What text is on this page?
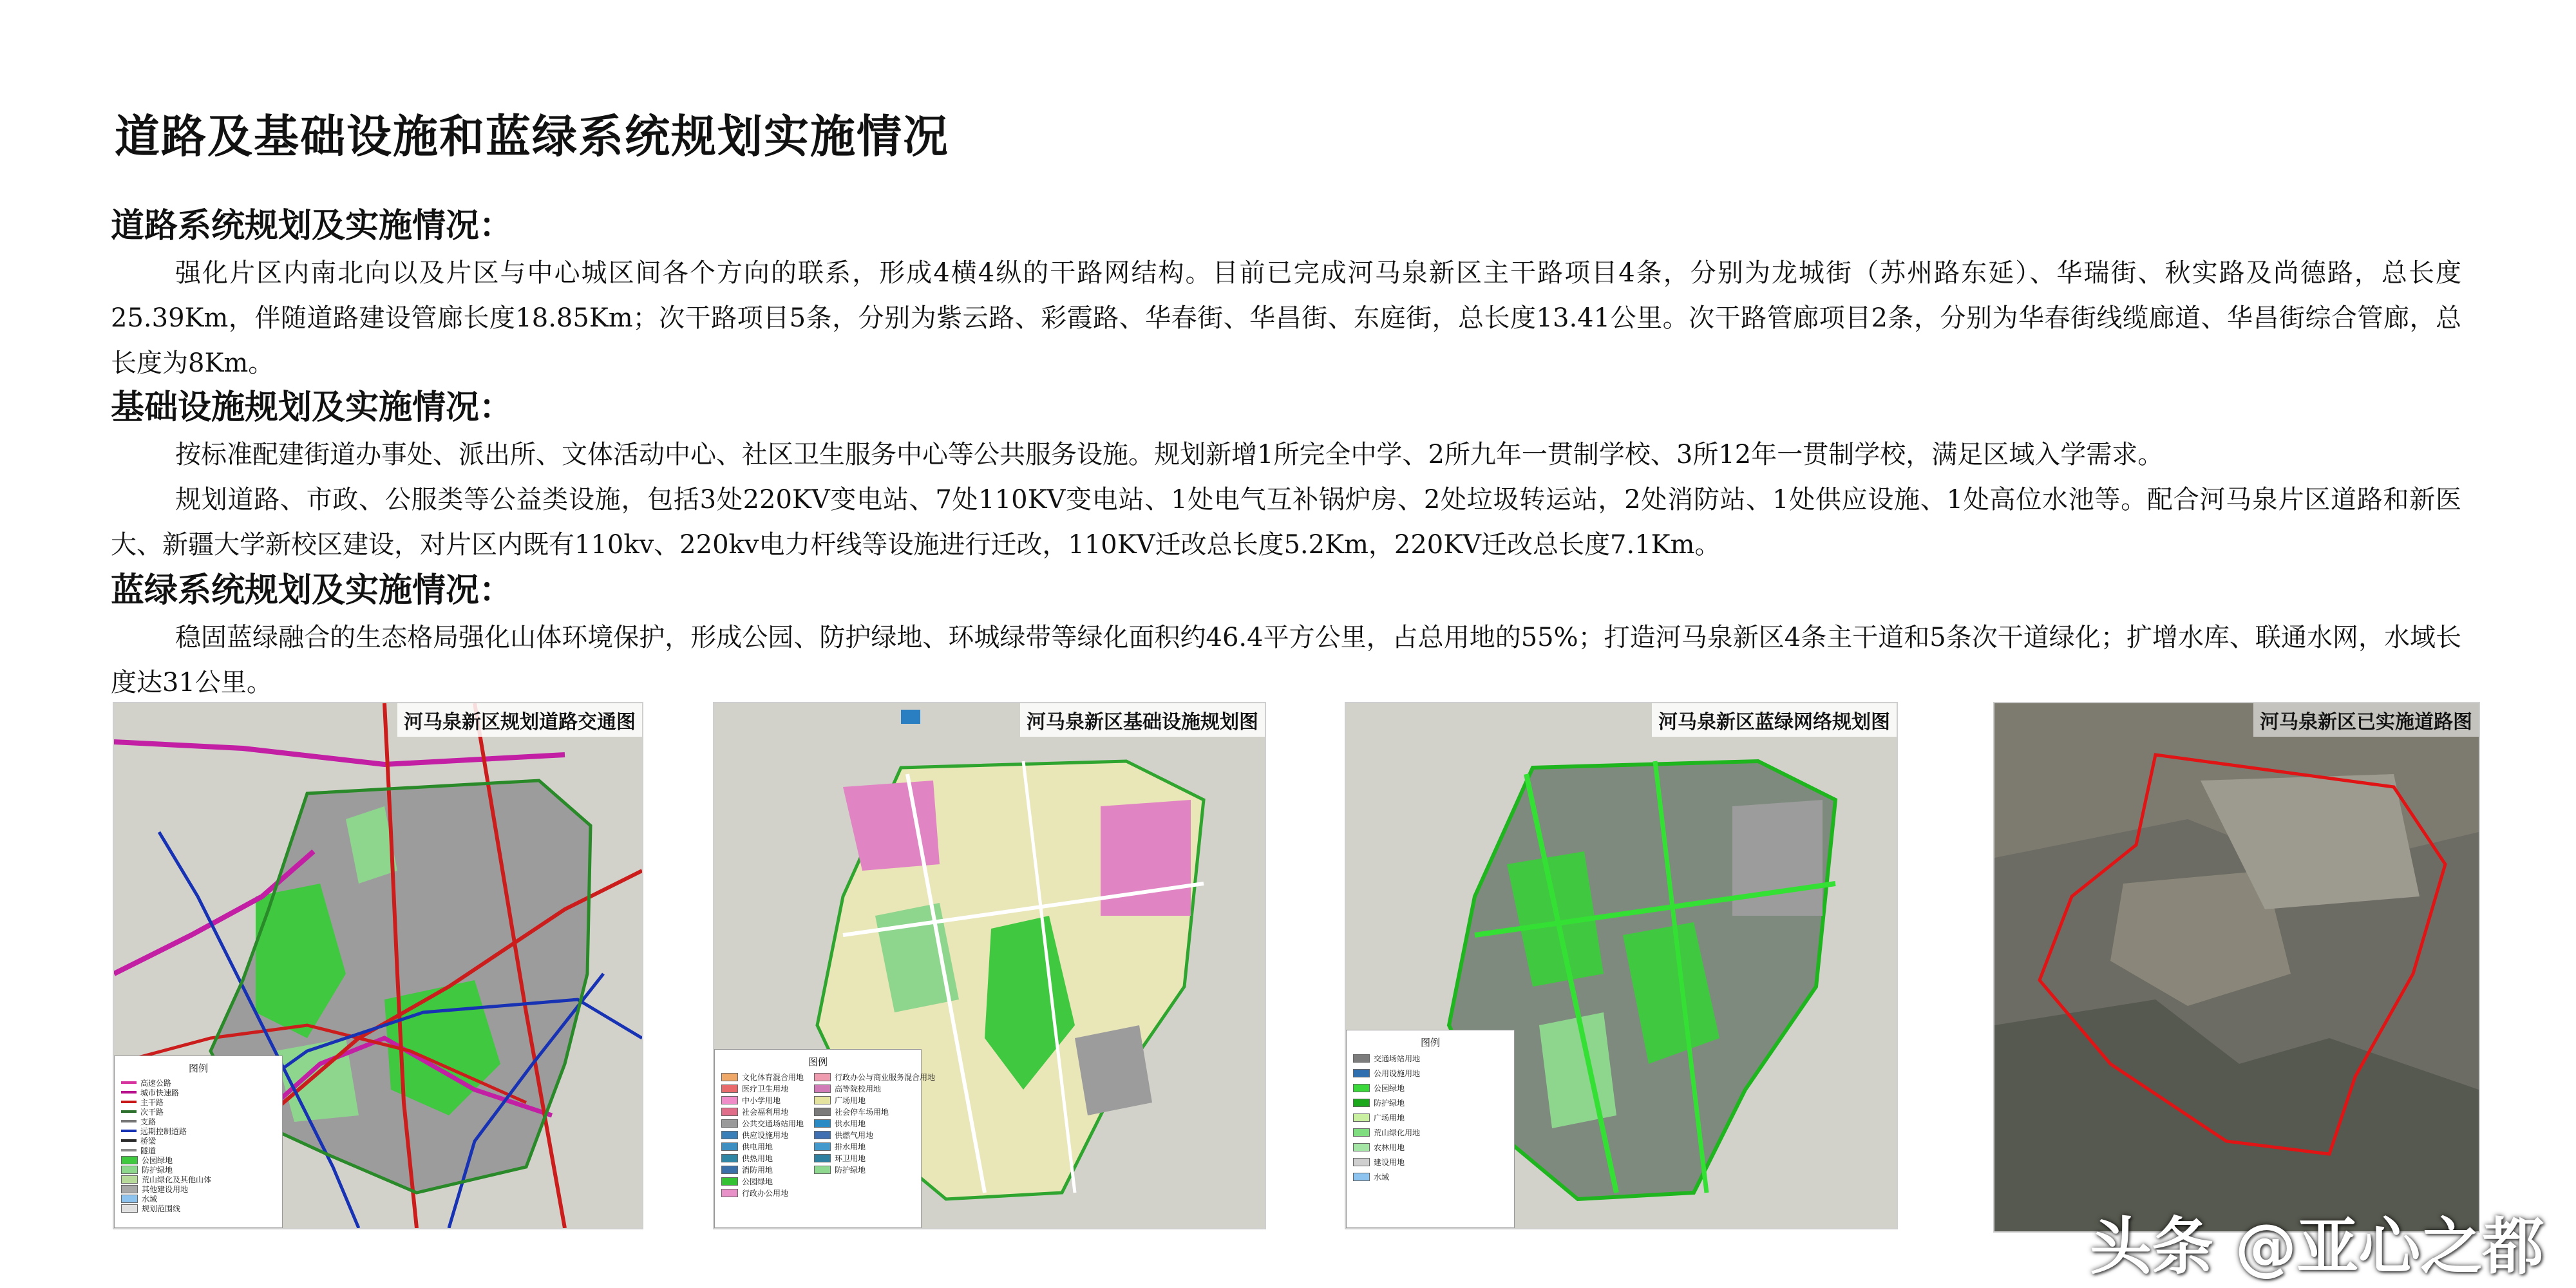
道路及基础设施和蓝绿系统规划实施情况
道路系统规划及实施情况：

强化片区内南北向以及片区与中心城区间各个方向的联系，形成4横4纵的干路网结构。目前已完成河马泉新区主干路项目4条，分别为龙城街（苏州路东延）、华瑞街、秋实路及尚德路，总长度25.39Km，伴随道路建设管廊长度18.85Km；次干路项目5条，分别为紫云路、彩霞路、华春街、华昌街、东庭街，总长度13.41公里。次干路管廊项目2条，分别为华春街线缆廊道、华昌街综合管廊，总长度为8Km。

基础设施规划及实施情况：

按标准配建街道办事处、派出所、文体活动中心、社区卫生服务中心等公共服务设施。规划新增1所完全中学、2所九年一贯制学校、3所12年一贯制学校，满足区域入学需求。

规划道路、市政、公服类等公益类设施，包括3处220KV变电站、7处110KV变电站、1处电气互补锅炉房、2处垃圾转运站，2处消防站、1处供应设施、1处高位水池等。配合河马泉片区道路和新医大、新疆大学新校区建设，对片区内既有110kv、220kv电力杆线等设施进行迁改，110KV迁改总长度5.2Km，220KV迁改总长度7.1Km。

蓝绿系统规划及实施情况：

稳固蓝绿融合的生态格局强化山体环境保护，形成公园、防护绿地、环城绿带等绿化面积约46.4平方公里，占总用地的55%；打造河马泉新区4条主干道和5条次干道绿化；扩增水库、联通水网，水域长度达31公里。

河马泉新区规划道路交通图
图例
高速公路
城市快速路
主干路
次干路
支路
远期控制道路
桥梁
隧道
公园绿地
防护绿地
荒山绿化及其他山体
其他建设用地
水域
规划范围线
河马泉新区基础设施规划图
图例
文化体育混合用地
医疗卫生用地
中小学用地
社会福利用地
公共交通场站用地
供应设施用地
供电用地
供热用地
消防用地
公园绿地
行政办公用地
行政办公与商业服务混合用地
高等院校用地
广场用地
社会停车场用地
供水用地
供燃气用地
排水用地
环卫用地
防护绿地
河马泉新区蓝绿网络规划图
图例
交通场站用地
公用设施用地
公园绿地
防护绿地
广场用地
荒山绿化用地
农林用地
建设用地
水域
河马泉新区已实施道路图
头条 @亚心之都
